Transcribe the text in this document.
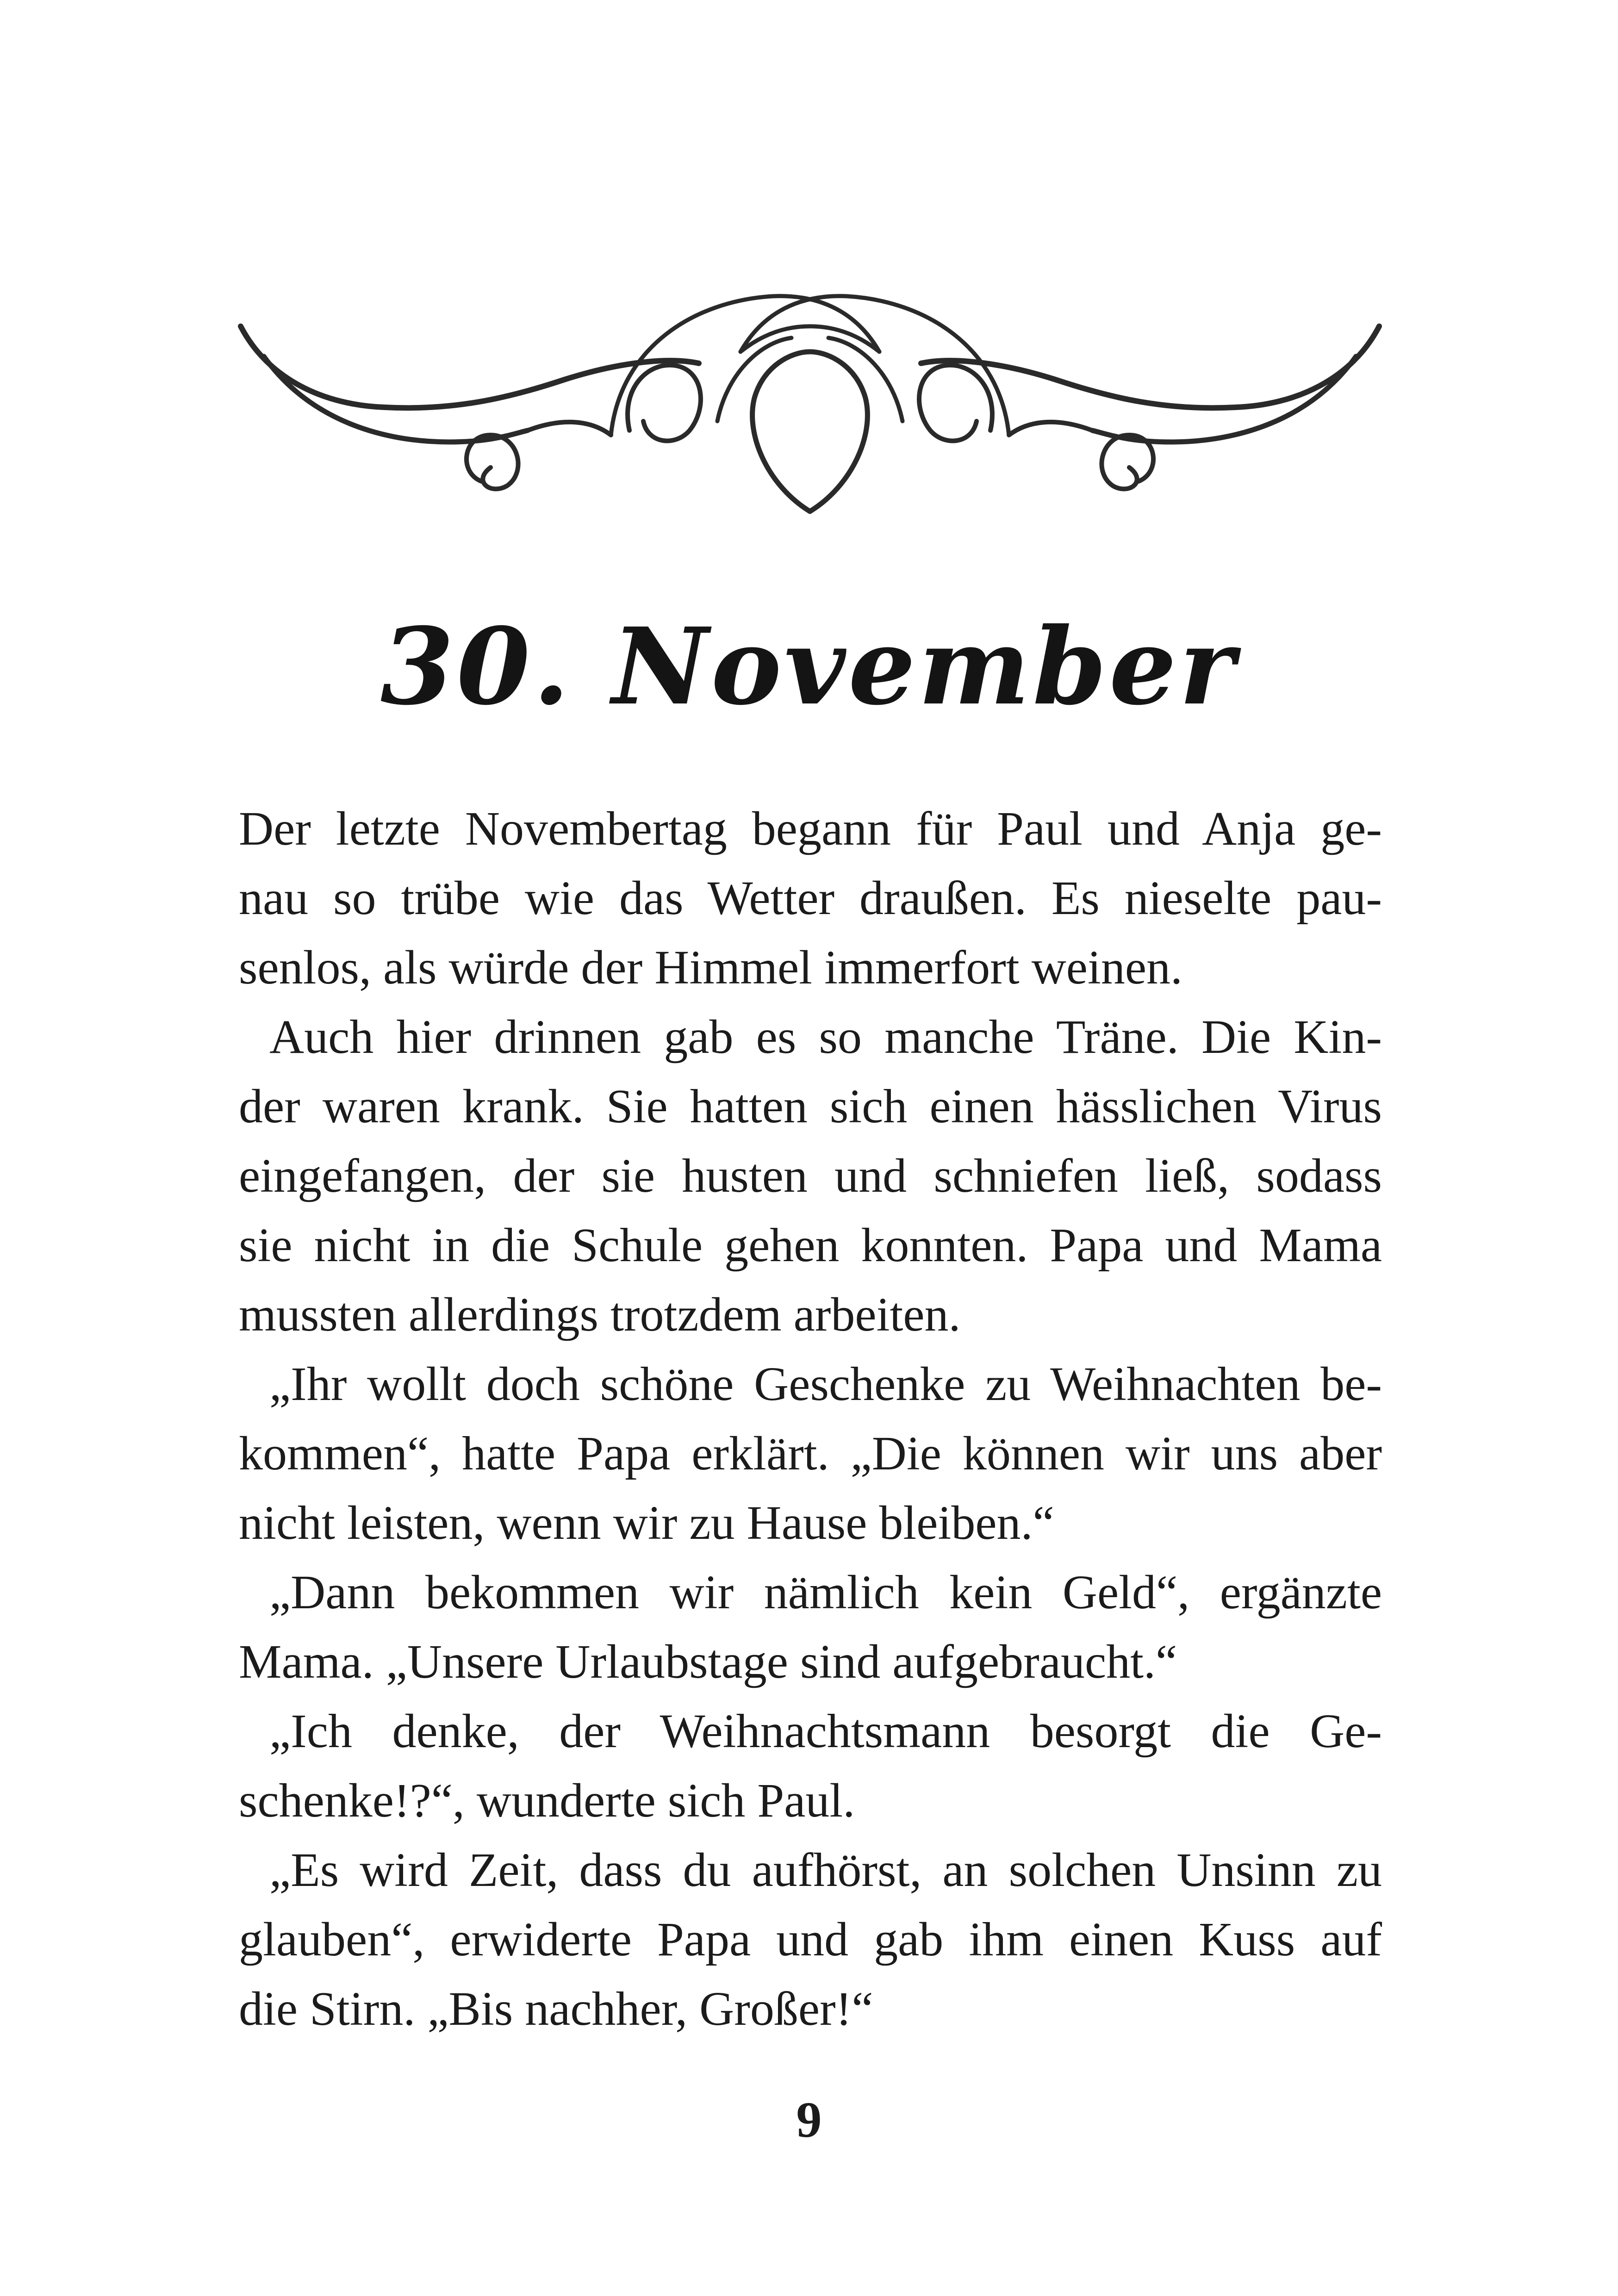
30. November
Der letzte Novembertag begann für Paul und Anja ge-
nau so trübe wie das Wetter draußen. Es nieselte pau-
senlos, als würde der Himmel immerfort weinen.
Auch hier drinnen gab es so manche Träne. Die Kin-
der waren krank. Sie hatten sich einen hässlichen Virus
eingefangen, der sie husten und schniefen ließ, sodass
sie nicht in die Schule gehen konnten. Papa und Mama
mussten allerdings trotzdem arbeiten.
„Ihr wollt doch schöne Geschenke zu Weihnachten be-
kommen“, hatte Papa erklärt. „Die können wir uns aber
nicht leisten, wenn wir zu Hause bleiben.“
„Dann bekommen wir nämlich kein Geld“, ergänzte
Mama. „Unsere Urlaubstage sind aufgebraucht.“
„Ich denke, der Weihnachtsmann besorgt die Ge-
schenke!?“, wunderte sich Paul.
„Es wird Zeit, dass du aufhörst, an solchen Unsinn zu
glauben“, erwiderte Papa und gab ihm einen Kuss auf
die Stirn. „Bis nachher, Großer!“
9
